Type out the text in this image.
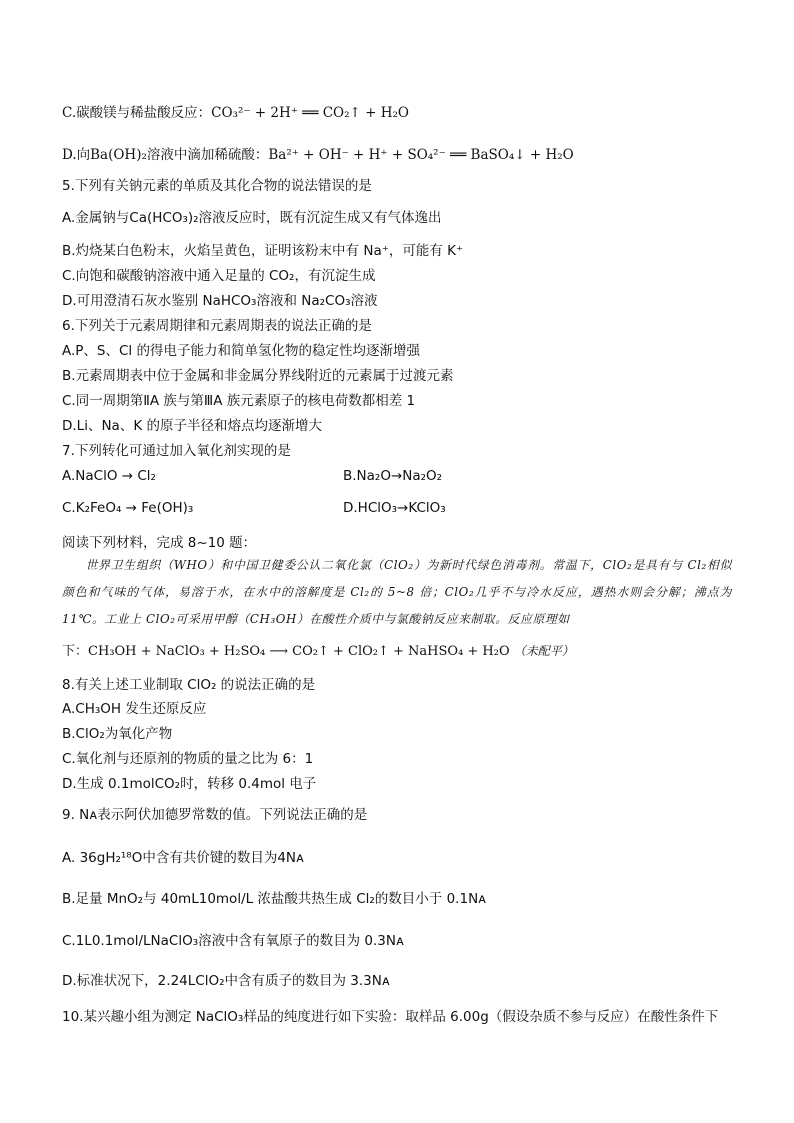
C.碳酸镁与稀盐酸反应：CO₃²⁻ + 2H⁺ ══ CO₂↑ + H₂O
D.向Ba(OH)₂溶液中滴加稀硫酸：Ba²⁺ + OH⁻ + H⁺ + SO₄²⁻ ══ BaSO₄↓ + H₂O
5.下列有关钠元素的单质及其化合物的说法错误的是
A.金属钠与Ca(HCO₃)₂溶液反应时，既有沉淀生成又有气体逸出
B.灼烧某白色粉末，火焰呈黄色，证明该粉末中有 Na⁺，可能有 K⁺
C.向饱和碳酸钠溶液中通入足量的 CO₂，有沉淀生成
D.可用澄清石灰水鉴别 NaHCO₃溶液和 Na₂CO₃溶液
6.下列关于元素周期律和元素周期表的说法正确的是
A.P、S、Cl 的得电子能力和简单氢化物的稳定性均逐渐增强
B.元素周期表中位于金属和非金属分界线附近的元素属于过渡元素
C.同一周期第ⅡA 族与第ⅢA 族元素原子的核电荷数都相差 1
D.Li、Na、K 的原子半径和熔点均逐渐增大
7.下列转化可通过加入氧化剂实现的是
A.NaClO → Cl₂	B.Na₂O→Na₂O₂
C.K₂FeO₄ → Fe(OH)₃	D.HClO₃→KClO₃
阅读下列材料，完成 8~10 题：
世界卫生组织（WHO）和中国卫健委公认二氧化氯（ClO₂）为新时代绿色消毒剂。常温下，ClO₂是具有与 Cl₂相似颜色和气味的气体，易溶于水，在水中的溶解度是 Cl₂的 5~8 倍；ClO₂几乎不与冷水反应，遇热水则会分解；沸点为 11℃。工业上 ClO₂可采用甲醇（CH₃OH）在酸性介质中与氯酸钠反应来制取。反应原理如
下：CH₃OH + NaClO₃ + H₂SO₄ ⟶ CO₂↑ + ClO₂↑ + NaHSO₄ + H₂O （未配平）
8.有关上述工业制取 ClO₂ 的说法正确的是
A.CH₃OH 发生还原反应
B.ClO₂为氧化产物
C.氧化剂与还原剂的物质的量之比为 6：1
D.生成 0.1molCO₂时，转移 0.4mol 电子
9. Nᴀ表示阿伏加德罗常数的值。下列说法正确的是
A. 36gH₂¹⁸O中含有共价键的数目为4Nᴀ
B.足量 MnO₂与 40mL10mol/L 浓盐酸共热生成 Cl₂的数目小于 0.1Nᴀ
C.1L0.1mol/LNaClO₃溶液中含有氧原子的数目为 0.3Nᴀ
D.标准状况下，2.24LClO₂中含有质子的数目为 3.3Nᴀ
10.某兴趣小组为测定 NaClO₃样品的纯度进行如下实验：取样品 6.00g（假设杂质不参与反应）在酸性条件下
